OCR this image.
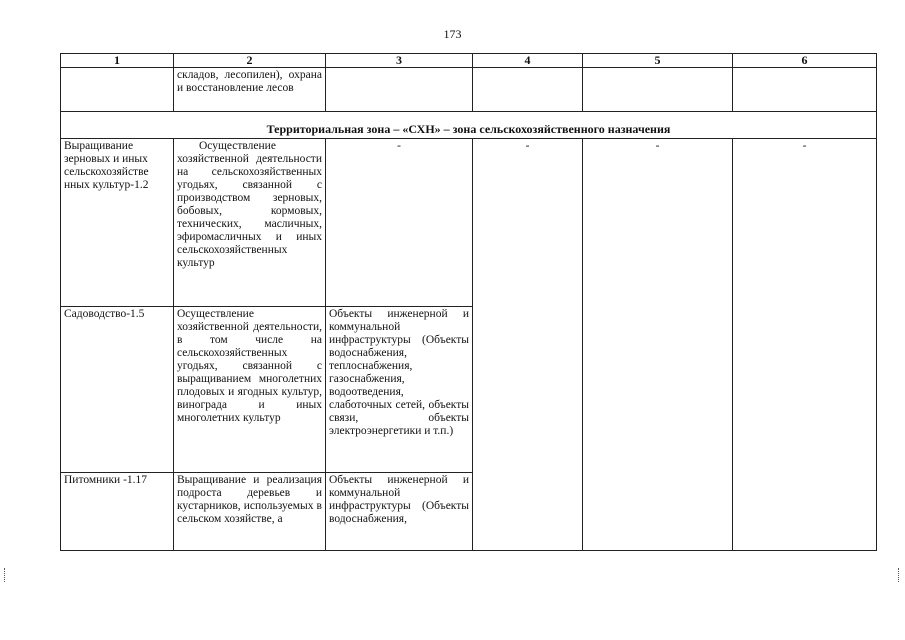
173
1	2	3	4	5	6
	складов, лесопилен), охрана и восстановление лесов				
Территориальная зона – «СХН» – зона сельскохозяйственного назначения					
Выращивание зерновых и иных сельскохозяйстве нных культур-1.2	Осуществление хозяйственной деятельности на сельскохозяйственных угодьях, связанной с производством зерновых, бобовых, кормовых, технических, масличных, эфиромасличных и иных сельскохозяйственных культур	-	-	-	-
Садоводство-1.5	Осуществление хозяйственной деятельности, в том числе на сельскохозяйственных угодьях, связанной с выращиванием многолетних плодовых и ягодных культур, винограда и иных многолетних культур	Объекты инженерной и коммунальной инфраструктуры (Объекты водоснабжения, теплоснабжения, газоснабжения, водоотведения, слаботочных сетей, объекты связи, объекты электроэнергетики и т.п.)			
Питомники -1.17	Выращивание и реализация подроста деревьев и кустарников, используемых в сельском хозяйстве, а	Объекты инженерной и коммунальной инфраструктуры (Объекты водоснабжения,			
